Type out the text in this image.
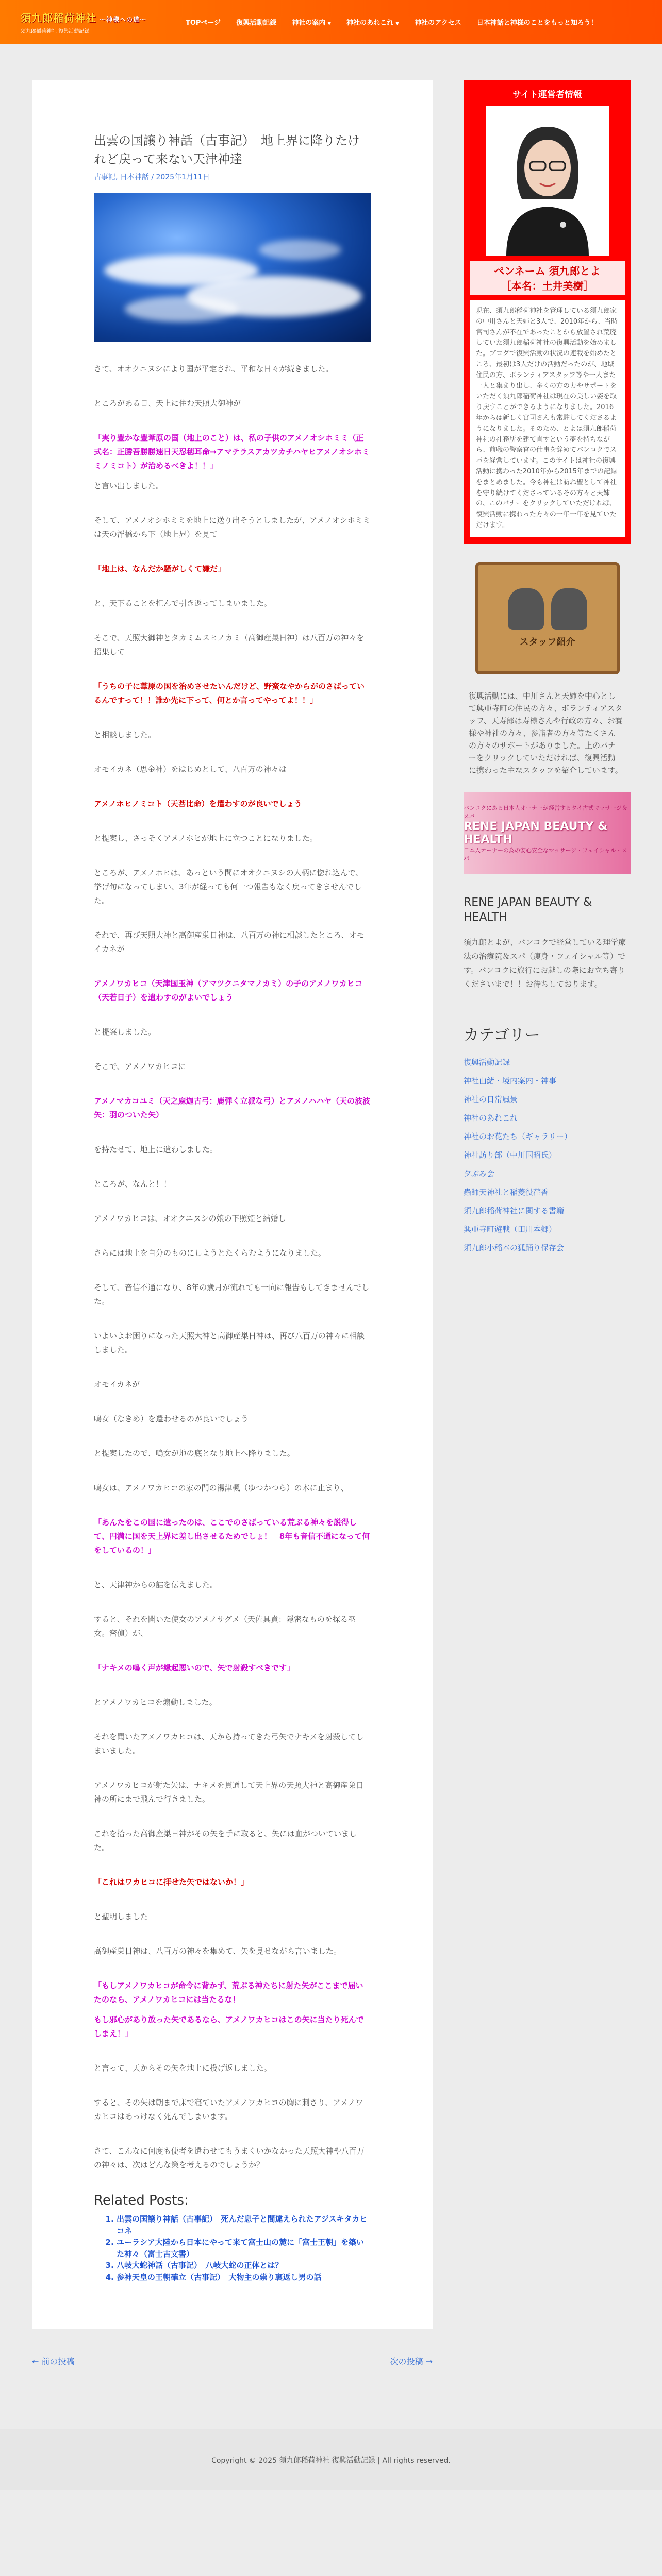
須九郎稲荷神社 〜神様への道〜
須九郎稲荷神社 復興活動記録
TOPページ 復興活動記録 神社の案内 ▼ 神社のあれこれ ▼ 神社のアクセス 日本神話と神様のことをもっと知ろう！
出雲の国譲り神話（古事記）　地上界に降りたけれど戻って来ない天津神達
古事記, 日本神話 / 2025年1月11日

さて、オオクニヌシにより国が平定され、平和な日々が続きました。

ところがある日、天上に住む天照大御神が

「実り豊かな豊葦原の国（地上のこと）は、私の子供のアメノオシホミミ（正式名：正勝吾勝勝速日天忍穂耳命→アマテラスアカツカチハヤヒアメノオシホミミノミコト）が治めるべきよ！！」

と言い出しました。

そして、アメノオシホミミを地上に送り出そうとしましたが、アメノオシホミミは天の浮橋から下（地上界）を見て

「地上は、なんだか騒がしくて嫌だ」

と、天下ることを拒んで引き返ってしまいました。

そこで、天照大御神とタカミムスヒノカミ（高御産巣日神）は八百万の神々を招集して

「うちの子に葦原の国を治めさせたいんだけど、野蛮なやからがのさばっているんですって！！誰か先に下って、何とか言ってやってよ！！」

と相談しました。

オモイカネ（思金神）をはじめとして、八百万の神々は

アメノホヒノミコト（天菩比命）を遣わすのが良いでしょう

と提案し、さっそくアメノホヒが地上に立つことになりました。

ところが、アメノホヒは、あっという間にオオクニヌシの人柄に惚れ込んで、挙げ句になってしまい、3年が経っても何一つ報告もなく戻ってきませんでした。

それで、再び天照大神と高御産巣日神は、八百万の神に相談したところ、オモイカネが

アメノワカヒコ（天津国玉神（アマツクニタマノカミ）の子のアメノワカヒコ（天若日子）を遣わすのがよいでしょう

と提案しました。

そこで、アメノワカヒコに

アメノマカコユミ（天之麻迦古弓：鹿弾く立派な弓）とアメノハハヤ（天の波波矢：羽のついた矢）

を持たせて、地上に遣わしました。

ところが、なんと！！

アメノワカヒコは、オオクニヌシの娘の下照姫と結婚し

さらには地上を自分のものにしようとたくらむようになりました。

そして、音信不通になり、8年の歳月が流れても一向に報告もしてきませんでした。

いよいよお困りになった天照大神と高御産巣日神は、再び八百万の神々に相談しました。

オモイカネが

鳴女（なきめ）を遣わせるのが良いでしょう

と提案したので、鳴女が地の底となり地上へ降りました。

鳴女は、アメノワカヒコの家の門の湯津楓（ゆつかつら）の木に止まり、

「あんたをこの国に遣ったのは、ここでのさばっている荒ぶる神々を説得して、円満に国を天上界に差し出させるためでしょ！　8年も音信不通になって何をしているの！」

と、天津神からの詰を伝えました。

すると、それを聞いた使女のアメノサグメ（天佐具賣：隠密なものを探る巫女。密偵）が、

「ナキメの鳴く声が縁起悪いので、矢で射殺すべきです」

とアメノワカヒコを煽動しました。

それを聞いたアメノワカヒコは、天から持ってきた弓矢でナキメを射殺してしまいました。

アメノワカヒコが射た矢は、ナキメを貫通して天上界の天照大神と高御産巣日神の所にまで飛んで行きました。

これを拾った高御産巣日神がその矢を手に取ると、矢には血がついていました。

「これはワカヒコに拝せた矢ではないか！」

と聖明しました

高御産巣日神は、八百万の神々を集めて、矢を見せながら言いました。

「もしアメノワカヒコが命令に背かず、荒ぶる神たちに射た矢がここまで届いたのなら、アメノワカヒコには当たるな！

もし邪心があり放った矢であるなら、アメノワカヒコはこの矢に当たり死んでしまえ！」

と言って、天からその矢を地上に投げ返しました。

すると、その矢は朝まで床で寝ていたアメノワカヒコの胸に刺さり、アメノワカヒコはあっけなく死んでしまいます。

さて、こんなに何度も使者を遣わせてもうまくいかなかった天照大神や八百万の神々は、次はどんな策を考えるのでしょうか？

Related Posts:
1. 出雲の国譲り神話（古事記）　死んだ息子と間違えられたアジスキタカヒコネ
2. ユーラシア大陸から日本にやって来て富士山の麓に「富士王朝」を築いた神々（富士古文書）
3. 八岐大蛇神話（古事記）　八岐大蛇の正体とは？
4. 参神天皇の王朝確立（古事記）　大物主の祟り裏返し男の話
← 前の投稿	次の投稿 →
サイト運営者情報
ペンネーム 須九郎とよ
［本名：土井美樹］
現在、須九郎稲荷神社を管理している須九郎家の中川さんと天姉と3人で、2010年から、当時宮司さんが不在であったことから放置され荒廃していた須九郎稲荷神社の復興活動を始めました。ブログで復興活動の状況の連載を始めたところ、最初は3人だけの活動だったのが、地域住民の方、ボランティアスタッフ等や一人また一人と集まり出し、多くの方の力やサポートをいただく須九郎稲荷神社は現在の美しい姿を取り戻すことができるようになりました。2016年からは新しく宮司さんも常駐してくださるようになりました。そのため、とよは須九郎稲荷神社の社務所を建て直すという夢を持ちながら、前職の警察官の仕事を辞めてバンコクでスパを経営しています。このサイトは神社の復興活動に携わった2010年から2015年までの記録をまとめました。今も神社は訪ね聖として神社を守り続けてくださっているその方々と天姉の、このバナーをクリックしていただければ、復興活動に携わった方々の一年一年を見ていただけます。
スタッフ紹介
復興活動には、中川さんと天姉を中心として興亜寺町の住民の方々、ボランティアスタッフ、天寿郎は寿様さんや行政の方々、お賽様や神社の方々、参詣者の方々等たくさんの方々のサポートがありました。上のバナーをクリックしていただければ、復興活動に携わった主なスタッフを紹介しています。
バンコクにある日本人オーナーが経営するタイ古式マッサージ＆スパ
RENE JAPAN BEAUTY & HEALTH
日本人オーナーの為の安心安全なマッサージ・フェイシャル・スパ
RENE JAPAN BEAUTY & HEALTH
須九郎とよが、バンコクで経営している理学療法の治療院＆スパ（痩身・フェイシャル等）です。バンコクに旅行にお越しの際にお立ち寄りくださいまで！！お待ちしております。
カテゴリー
復興活動記録
神社由緒・境内案内・神事
神社の日常風景
神社のあれこれ
神社のお花たち（ギャラリー）
神社訪り部（中川国昭氏）
夕ぶみ会
蟲師天神社と稲菱役荏香
須九郎稲荷神社に関する書籍
興亜寺町遊戦（田川本郷）
須九郎小稲本の狐踊り保存会
Copyright © 2025 須九郎稲荷神社 復興活動記録 | All rights reserved.
